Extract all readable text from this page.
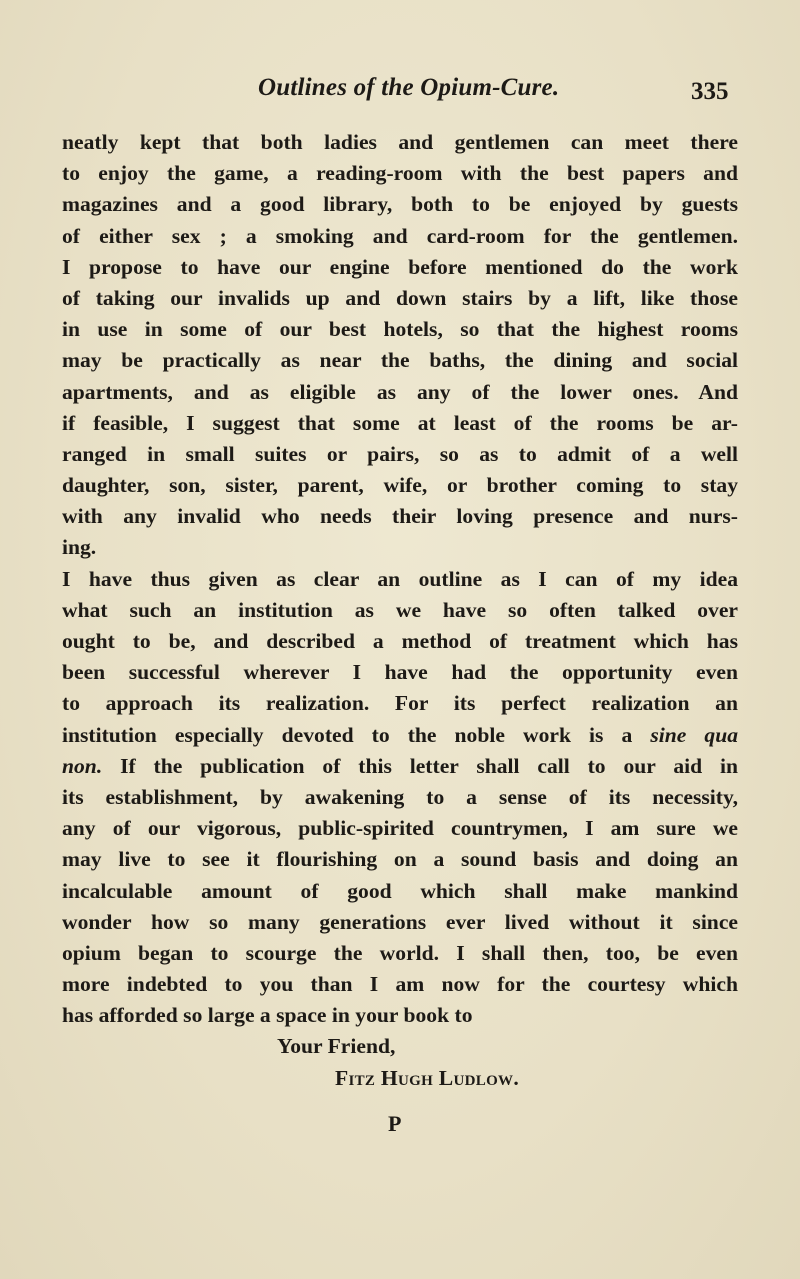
Outlines of the Opium-Cure.	335
neatly kept that both ladies and gentlemen can meet there
to enjoy the game, a reading-room with the best papers and
magazines and a good library, both to be enjoyed by guests
of either sex ; a smoking and card-room for the gentlemen.
I propose to have our engine before mentioned do the work
of taking our invalids up and down stairs by a lift, like those
in use in some of our best hotels, so that the highest rooms
may be practically as near the baths, the dining and social
apartments, and as eligible as any of the lower ones. And
if feasible, I suggest that some at least of the rooms be ar-
ranged in small suites or pairs, so as to admit of a well
daughter, son, sister, parent, wife, or brother coming to stay
with any invalid who needs their loving presence and nurs-
ing.
I have thus given as clear an outline as I can of my idea
what such an institution as we have so often talked over
ought to be, and described a method of treatment which has
been successful wherever I have had the opportunity even
to approach its realization. For its perfect realization an
institution especially devoted to the noble work is a sine qua
non. If the publication of this letter shall call to our aid in
its establishment, by awakening to a sense of its necessity,
any of our vigorous, public-spirited countrymen, I am sure we
may live to see it flourishing on a sound basis and doing an
incalculable amount of good which shall make mankind
wonder how so many generations ever lived without it since
opium began to scourge the world. I shall then, too, be even
more indebted to you than I am now for the courtesy which
has afforded so large a space in your book to
Your Friend,
Fitz Hugh Ludlow.
P
